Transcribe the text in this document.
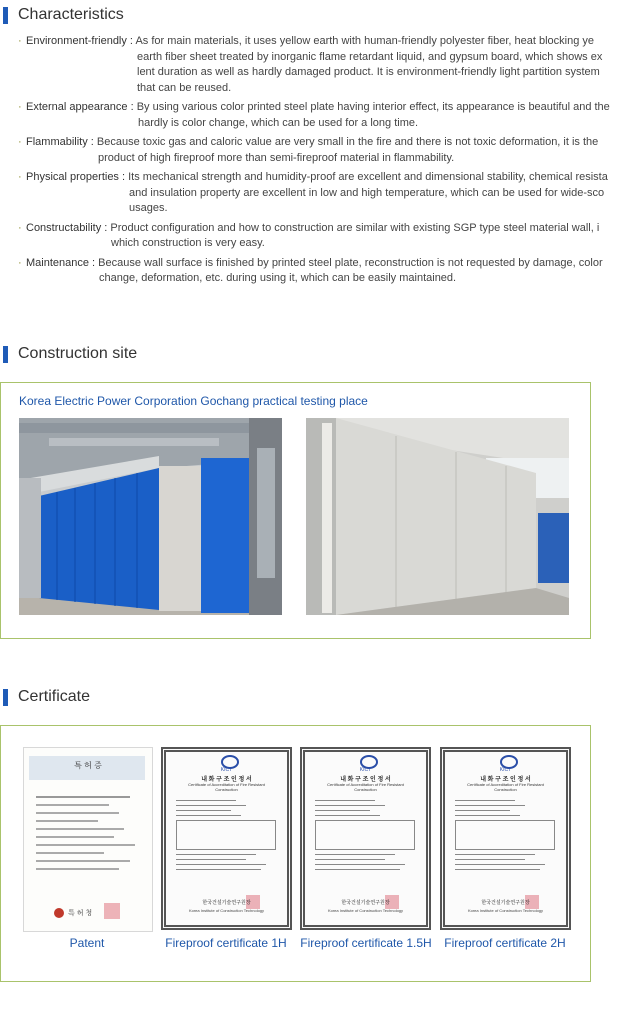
Characteristics
· Environment-friendly : As for main materials, it uses yellow earth with human-friendly polyester fiber, heat blocking ye
earth fiber sheet treated by inorganic flame retardant liquid, and gypsum board, which shows ex
lent duration as well as hardly damaged product. It is environment-friendly light partition system
that can be reused.
· External appearance : By using various color printed steel plate having interior effect, its appearance is beautiful and the
hardly is color change, which can be used for a long time.
· Flammability : Because toxic gas and caloric value are very small in the fire and there is not toxic deformation, it is the
product of high fireproof more than semi-fireproof material in flammability.
· Physical properties : Its mechanical strength and humidity-proof are excellent and dimensional stability, chemical resista
and insulation property are excellent in low and high temperature, which can be used for wide-sco
usages.
· Constructability : Product configuration and how to construction are similar with existing SGP type steel material wall, i
which construction is very easy.
· Maintenance : Because wall surface is finished by printed steel plate, reconstruction is not requested by damage, color
change, deformation, etc. during using it, which can be easily maintained.
Construction site
Korea Electric Power Corporation Gochang practical testing place
Certificate
특 허 증
특 허 청
Patent
KICT
내 화 구 조 인 정 서
Certificate of Accreditation of Fire Resistant Construction
한국건설기술연구원장
Korea Institute of Construction Technology
KICT
내 화 구 조 인 정 서
Certificate of Accreditation of Fire Resistant Construction
한국건설기술연구원장
Korea Institute of Construction Technology
KICT
내 화 구 조 인 정 서
Certificate of Accreditation of Fire Resistant Construction
한국건설기술연구원장
Korea Institute of Construction Technology
Fireproof certificate 1H	Fireproof certificate 1.5H	Fireproof certificate 2H
